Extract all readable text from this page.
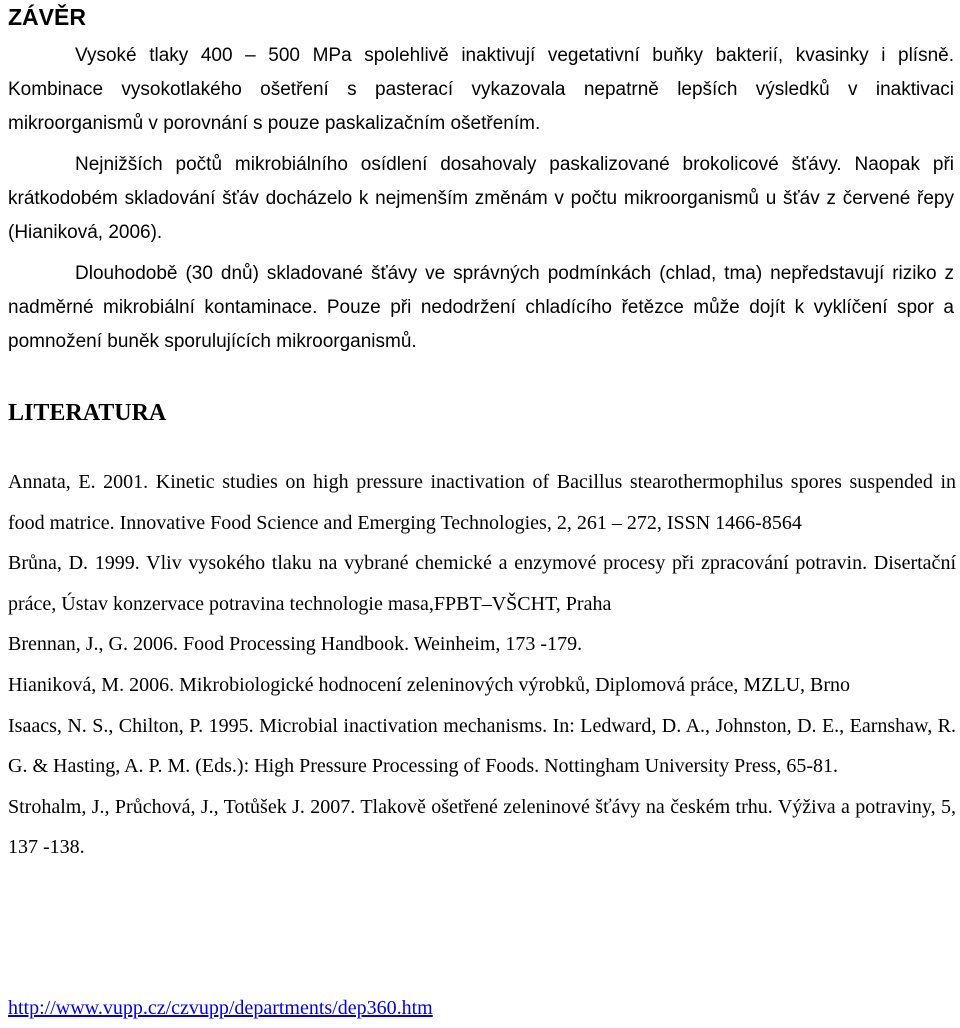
ZÁVĚR

Vysoké tlaky 400 – 500 MPa spolehlivě inaktivují vegetativní buňky bakterií, kvasinky i plísně. Kombinace vysokotlakého ošetření s pasterací vykazovala nepatrně lepších výsledků v inaktivaci mikroorganismů v porovnání s pouze paskalizačním ošetřením.

Nejnižších počtů mikrobiálního osídlení dosahovaly paskalizované brokolicové šťávy. Naopak při krátkodobém skladování šťáv docházelo k nejmenším změnám v počtu mikroorganismů u šťáv z červené řepy (Hianiková, 2006).

Dlouhodobě (30 dnů) skladované šťávy ve správných podmínkách (chlad, tma) nepředstavují riziko z nadměrné mikrobiální kontaminace. Pouze při nedodržení chladícího řetězce může dojít k vyklíčení spor a pomnožení buněk sporulujících mikroorganismů.

LITERATURA

Annata, E. 2001. Kinetic studies on high pressure inactivation of Bacillus stearothermophilus spores suspended in food matrice. Innovative Food Science and Emerging Technologies, 2, 261 – 272, ISSN 1466-8564

Brůna, D. 1999. Vliv vysokého tlaku na vybrané chemické a enzymové procesy při zpracování potravin. Disertační práce, Ústav konzervace potravina technologie masa,FPBT–VŠCHT, Praha

Brennan, J., G. 2006. Food Processing Handbook. Weinheim, 173 -179.

Hianiková, M. 2006. Mikrobiologické hodnocení zeleninových výrobků, Diplomová práce, MZLU, Brno

Isaacs, N. S., Chilton, P. 1995. Microbial inactivation mechanisms. In: Ledward, D. A., Johnston, D. E., Earnshaw, R. G. & Hasting, A. P. M. (Eds.): High Pressure Processing of Foods. Nottingham University Press, 65-81.

Strohalm, J., Průchová, J., Totůšek J. 2007. Tlakově ošetřené zeleninové šťávy na českém trhu. Výživa a potraviny, 5, 137 -138.

http://www.vupp.cz/czvupp/departments/dep360.htm
